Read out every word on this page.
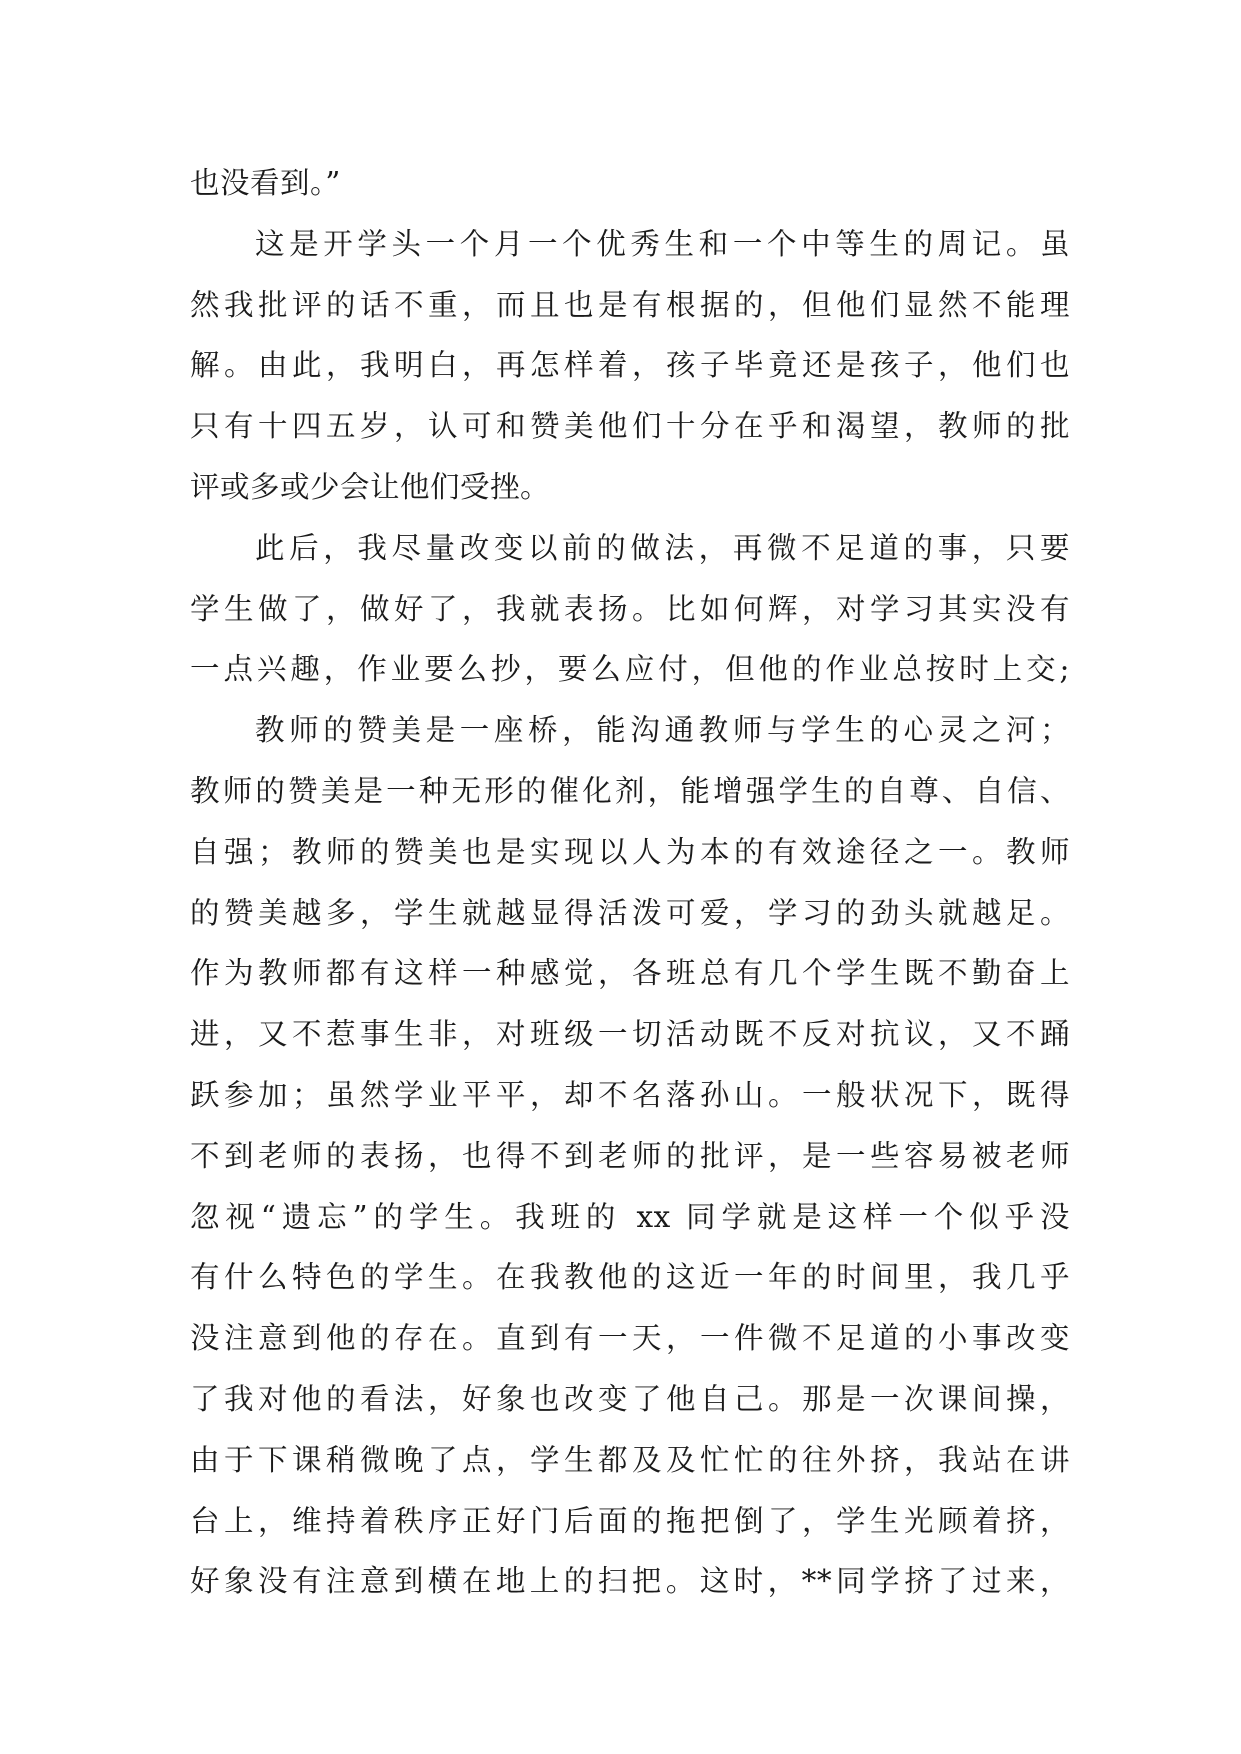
也没看到。”
这是开学头一个月一个优秀生和一个中等生的周记。虽
然我批评的话不重，而且也是有根据的，但他们显然不能理
解。由此，我明白，再怎样着，孩子毕竟还是孩子，他们也
只有十四五岁，认可和赞美他们十分在乎和渴望，教师的批
评或多或少会让他们受挫。
此后，我尽量改变以前的做法，再微不足道的事，只要
学生做了，做好了，我就表扬。比如何辉，对学习其实没有
一点兴趣，作业要么抄，要么应付，但他的作业总按时上交;
教师的赞美是一座桥，能沟通教师与学生的心灵之河；
教师的赞美是一种无形的催化剂，能增强学生的自尊、自信、
自强；教师的赞美也是实现以人为本的有效途径之一。教师
的赞美越多，学生就越显得活泼可爱，学习的劲头就越足。
作为教师都有这样一种感觉，各班总有几个学生既不勤奋上
进，又不惹事生非，对班级一切活动既不反对抗议，又不踊
跃参加；虽然学业平平，却不名落孙山。一般状况下，既得
不到老师的表扬，也得不到老师的批评，是一些容易被老师
忽视“遗忘”的学生。我班的 xx 同学就是这样一个似乎没
有什么特色的学生。在我教他的这近一年的时间里，我几乎
没注意到他的存在。直到有一天，一件微不足道的小事改变
了我对他的看法，好象也改变了他自己。那是一次课间操，
由于下课稍微晚了点，学生都及及忙忙的往外挤，我站在讲
台上，维持着秩序正好门后面的拖把倒了，学生光顾着挤，
好象没有注意到横在地上的扫把。这时，**同学挤了过来，
